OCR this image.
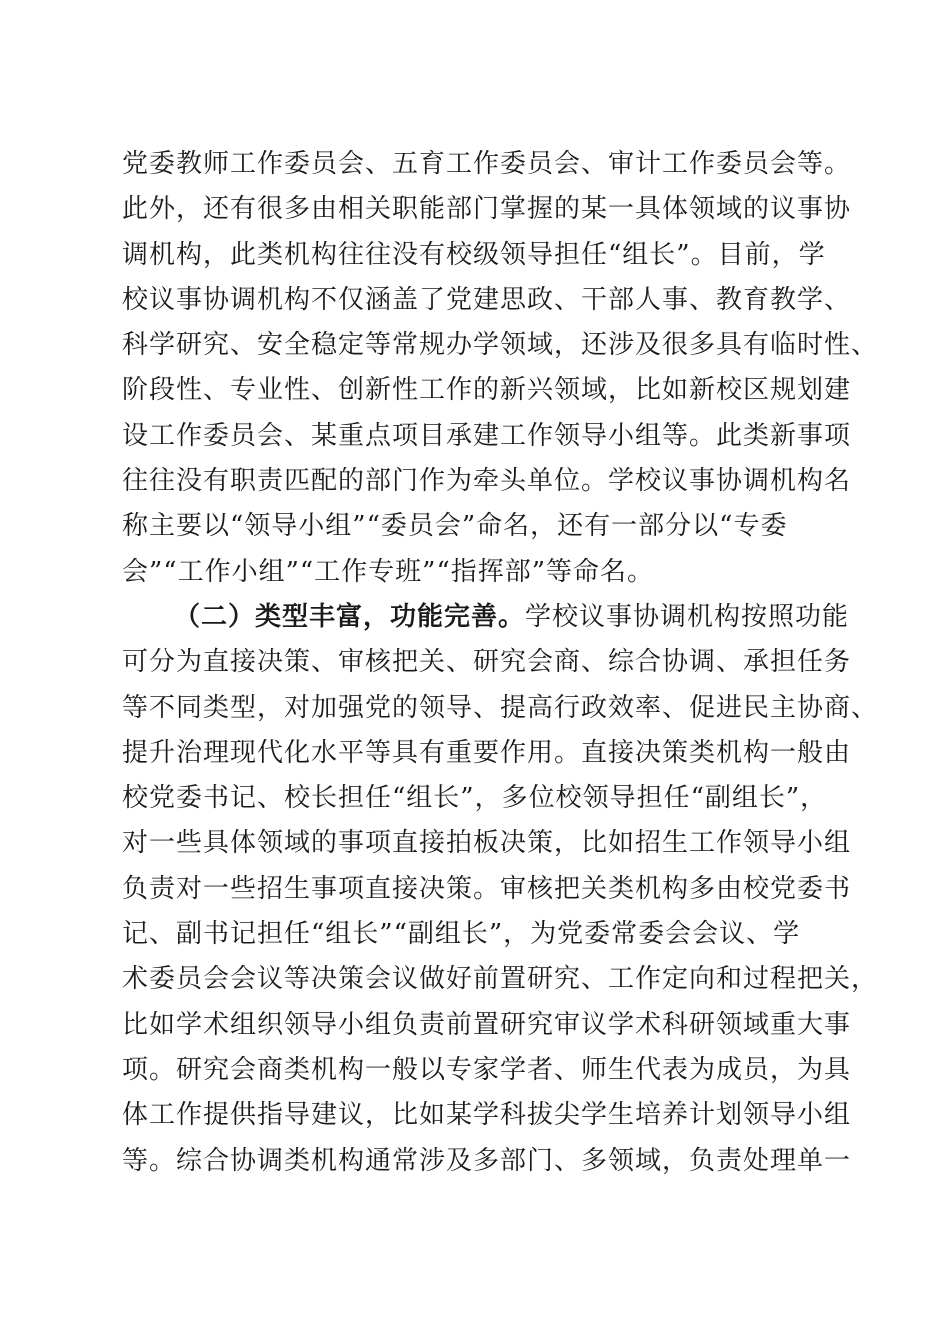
党委教师工作委员会、五育工作委员会、审计工作委员会等。
此外，还有很多由相关职能部门掌握的某一具体领域的议事协
调机构，此类机构往往没有校级领导担任“组长”。目前，学
校议事协调机构不仅涵盖了党建思政、干部人事、教育教学、
科学研究、安全稳定等常规办学领域，还涉及很多具有临时性、
阶段性、专业性、创新性工作的新兴领域，比如新校区规划建
设工作委员会、某重点项目承建工作领导小组等。此类新事项
往往没有职责匹配的部门作为牵头单位。学校议事协调机构名
称主要以“领导小组”“委员会”命名，还有一部分以“专委
会”“工作小组”“工作专班”“指挥部”等命名。
（二）类型丰富，功能完善。学校议事协调机构按照功能
可分为直接决策、审核把关、研究会商、综合协调、承担任务
等不同类型，对加强党的领导、提高行政效率、促进民主协商、
提升治理现代化水平等具有重要作用。直接决策类机构一般由
校党委书记、校长担任“组长”，多位校领导担任“副组长”，
对一些具体领域的事项直接拍板决策，比如招生工作领导小组
负责对一些招生事项直接决策。审核把关类机构多由校党委书
记、副书记担任“组长”“副组长”，为党委常委会会议、学
术委员会会议等决策会议做好前置研究、工作定向和过程把关，
比如学术组织领导小组负责前置研究审议学术科研领域重大事
项。研究会商类机构一般以专家学者、师生代表为成员，为具
体工作提供指导建议，比如某学科拔尖学生培养计划领导小组
等。综合协调类机构通常涉及多部门、多领域，负责处理单一
